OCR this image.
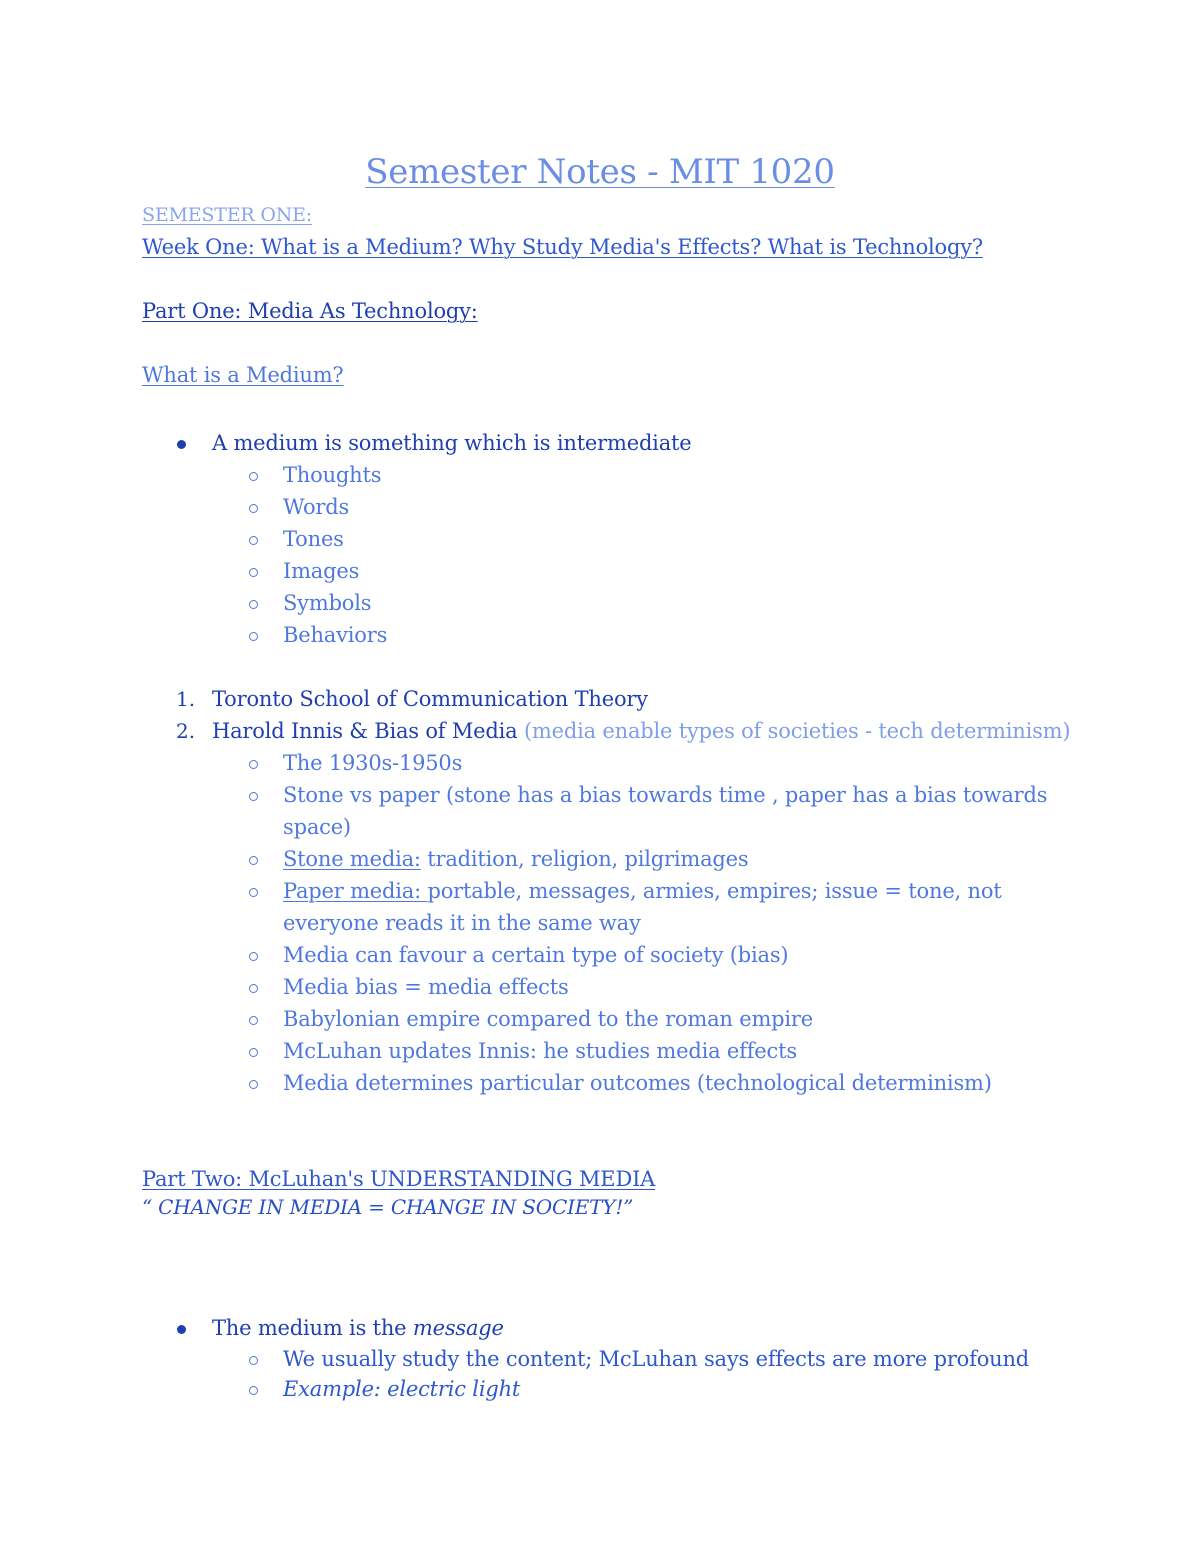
Semester Notes - MIT 1020
SEMESTER ONE:
Week One: What is a Medium? Why Study Media's Effects? What is Technology?
Part One: Media As Technology:
What is a Medium?
A medium is something which is intermediate
Thoughts
Words
Tones
Images
Symbols
Behaviors
1. Toronto School of Communication Theory
2. Harold Innis & Bias of Media (media enable types of societies - tech determinism)
The 1930s-1950s
Stone vs paper (stone has a bias towards time , paper has a bias towards
space)
Stone media: tradition, religion, pilgrimages
Paper media: portable, messages, armies, empires; issue = tone, not
everyone reads it in the same way
Media can favour a certain type of society (bias)
Media bias = media effects
Babylonian empire compared to the roman empire
McLuhan updates Innis: he studies media effects
Media determines particular outcomes (technological determinism)
Part Two: McLuhan's UNDERSTANDING MEDIA
“ CHANGE IN MEDIA = CHANGE IN SOCIETY!”
The medium is the message
We usually study the content; McLuhan says effects are more profound
Example: electric light
